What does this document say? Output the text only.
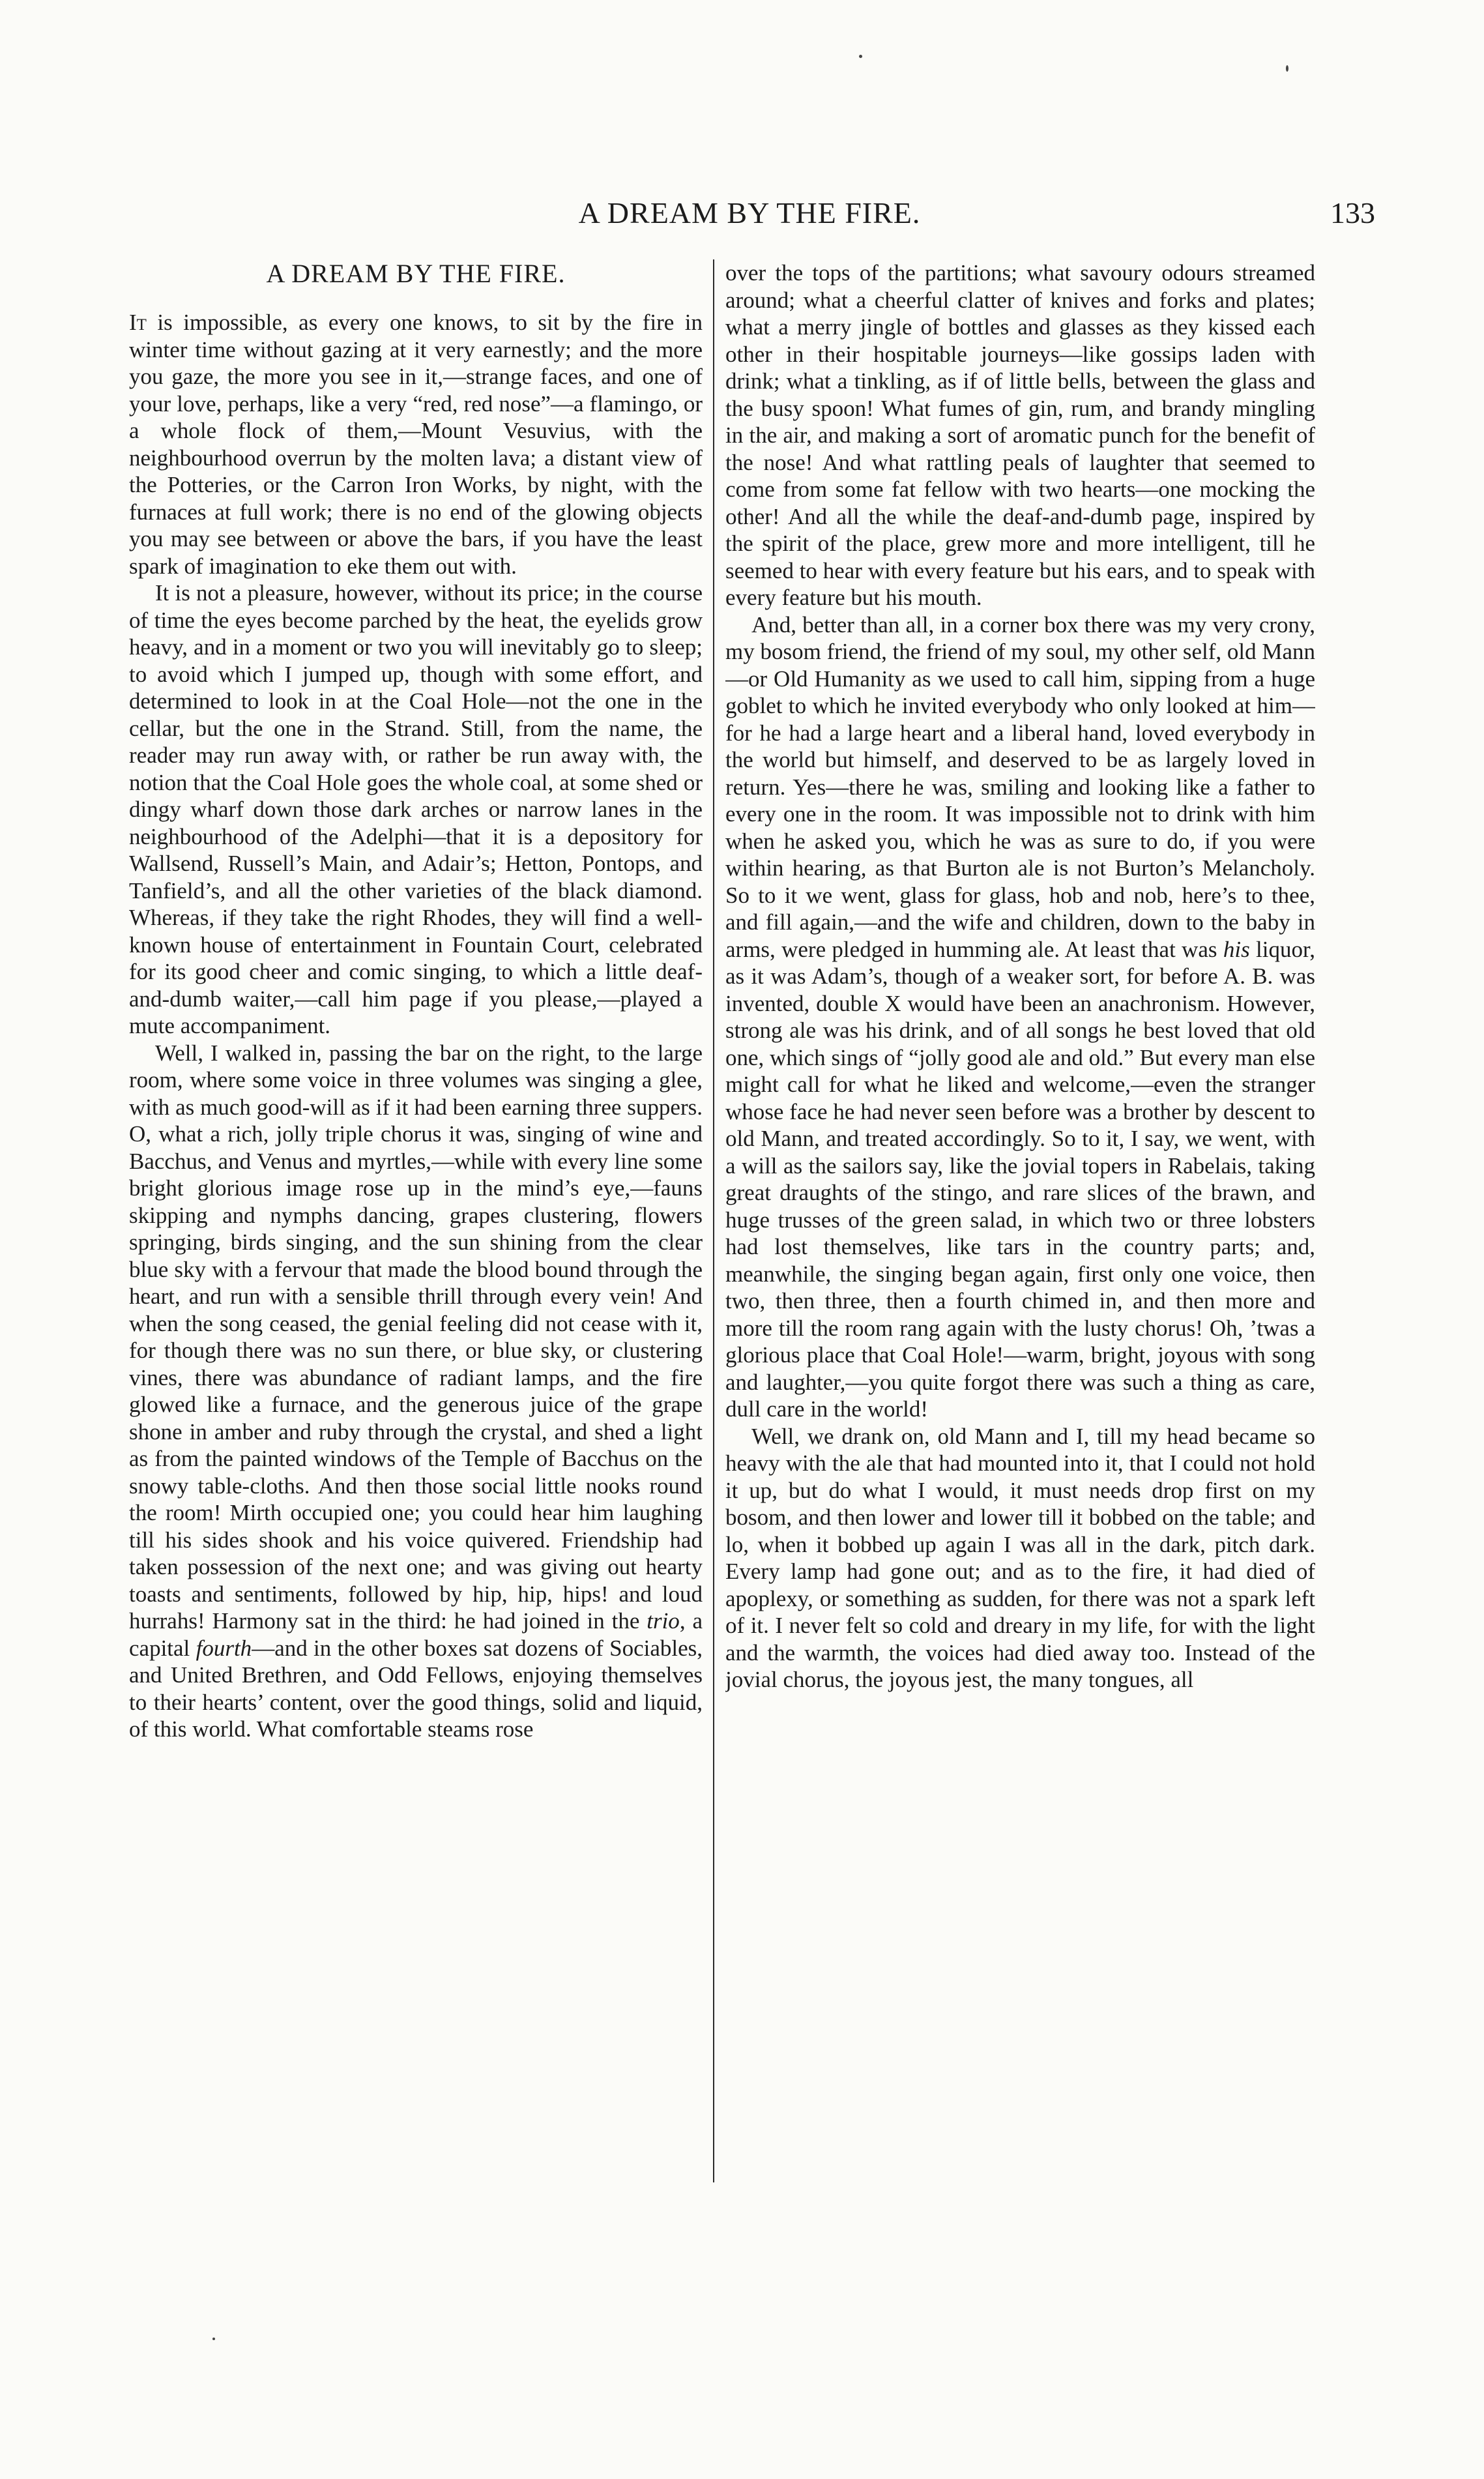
A DREAM BY THE FIRE.	133
A DREAM BY THE FIRE.

It is impossible, as every one knows, to sit by the fire in winter time without gazing at it very earnestly; and the more you gaze, the more you see in it,—strange faces, and one of your love, perhaps, like a very “red, red nose”—a flamingo, or a whole flock of them,—Mount Vesuvius, with the neighbourhood overrun by the molten lava; a distant view of the Potteries, or the Carron Iron Works, by night, with the furnaces at full work; there is no end of the glowing objects you may see between or above the bars, if you have the least spark of imagination to eke them out with.

It is not a pleasure, however, without its price; in the course of time the eyes become parched by the heat, the eyelids grow heavy, and in a moment or two you will inevitably go to sleep; to avoid which I jumped up, though with some effort, and determined to look in at the Coal Hole—not the one in the cellar, but the one in the Strand. Still, from the name, the reader may run away with, or rather be run away with, the notion that the Coal Hole goes the whole coal, at some shed or dingy wharf down those dark arches or narrow lanes in the neighbourhood of the Adelphi—that it is a depository for Wallsend, Russell’s Main, and Adair’s; Hetton, Pontops, and Tanfield’s, and all the other varieties of the black diamond. Whereas, if they take the right Rhodes, they will find a well-known house of entertainment in Fountain Court, celebrated for its good cheer and comic singing, to which a little deaf-and-dumb waiter,—call him page if you please,—played a mute accompaniment.

Well, I walked in, passing the bar on the right, to the large room, where some voice in three volumes was singing a glee, with as much good-will as if it had been earning three suppers. O, what a rich, jolly triple chorus it was, singing of wine and Bacchus, and Venus and myrtles,—while with every line some bright glorious image rose up in the mind’s eye,—fauns skipping and nymphs dancing, grapes clustering, flowers springing, birds singing, and the sun shining from the clear blue sky with a fervour that made the blood bound through the heart, and run with a sensible thrill through every vein! And when the song ceased, the genial feeling did not cease with it, for though there was no sun there, or blue sky, or clustering vines, there was abundance of radiant lamps, and the fire glowed like a furnace, and the generous juice of the grape shone in amber and ruby through the crystal, and shed a light as from the painted windows of the Temple of Bacchus on the snowy table-cloths. And then those social little nooks round the room! Mirth occupied one; you could hear him laughing till his sides shook and his voice quivered. Friendship had taken possession of the next one; and was giving out hearty toasts and sentiments, followed by hip, hip, hips! and loud hurrahs! Harmony sat in the third: he had joined in the trio, a capital fourth—and in the other boxes sat dozens of Sociables, and United Brethren, and Odd Fellows, enjoying themselves to their hearts’ content, over the good things, solid and liquid, of this world. What comfortable steams rose

over the tops of the partitions; what savoury odours streamed around; what a cheerful clatter of knives and forks and plates; what a merry jingle of bottles and glasses as they kissed each other in their hospitable journeys—like gossips laden with drink; what a tinkling, as if of little bells, between the glass and the busy spoon! What fumes of gin, rum, and brandy mingling in the air, and making a sort of aromatic punch for the benefit of the nose! And what rattling peals of laughter that seemed to come from some fat fellow with two hearts—one mocking the other! And all the while the deaf-and-dumb page, inspired by the spirit of the place, grew more and more intelligent, till he seemed to hear with every feature but his ears, and to speak with every feature but his mouth.

And, better than all, in a corner box there was my very crony, my bosom friend, the friend of my soul, my other self, old Mann—or Old Humanity as we used to call him, sipping from a huge goblet to which he invited everybody who only looked at him—for he had a large heart and a liberal hand, loved everybody in the world but himself, and deserved to be as largely loved in return. Yes—there he was, smiling and looking like a father to every one in the room. It was impossible not to drink with him when he asked you, which he was as sure to do, if you were within hearing, as that Burton ale is not Burton’s Melancholy. So to it we went, glass for glass, hob and nob, here’s to thee, and fill again,—and the wife and children, down to the baby in arms, were pledged in humming ale. At least that was his liquor, as it was Adam’s, though of a weaker sort, for before A. B. was invented, double X would have been an anachronism. However, strong ale was his drink, and of all songs he best loved that old one, which sings of “jolly good ale and old.” But every man else might call for what he liked and welcome,—even the stranger whose face he had never seen before was a brother by descent to old Mann, and treated accordingly. So to it, I say, we went, with a will as the sailors say, like the jovial topers in Rabelais, taking great draughts of the stingo, and rare slices of the brawn, and huge trusses of the green salad, in which two or three lobsters had lost themselves, like tars in the country parts; and, meanwhile, the singing began again, first only one voice, then two, then three, then a fourth chimed in, and then more and more till the room rang again with the lusty chorus! Oh, ’twas a glorious place that Coal Hole!—warm, bright, joyous with song and laughter,—you quite forgot there was such a thing as care, dull care in the world!

Well, we drank on, old Mann and I, till my head became so heavy with the ale that had mounted into it, that I could not hold it up, but do what I would, it must needs drop first on my bosom, and then lower and lower till it bobbed on the table; and lo, when it bobbed up again I was all in the dark, pitch dark. Every lamp had gone out; and as to the fire, it had died of apoplexy, or something as sudden, for there was not a spark left of it. I never felt so cold and dreary in my life, for with the light and the warmth, the voices had died away too. Instead of the jovial chorus, the joyous jest, the many tongues, all
